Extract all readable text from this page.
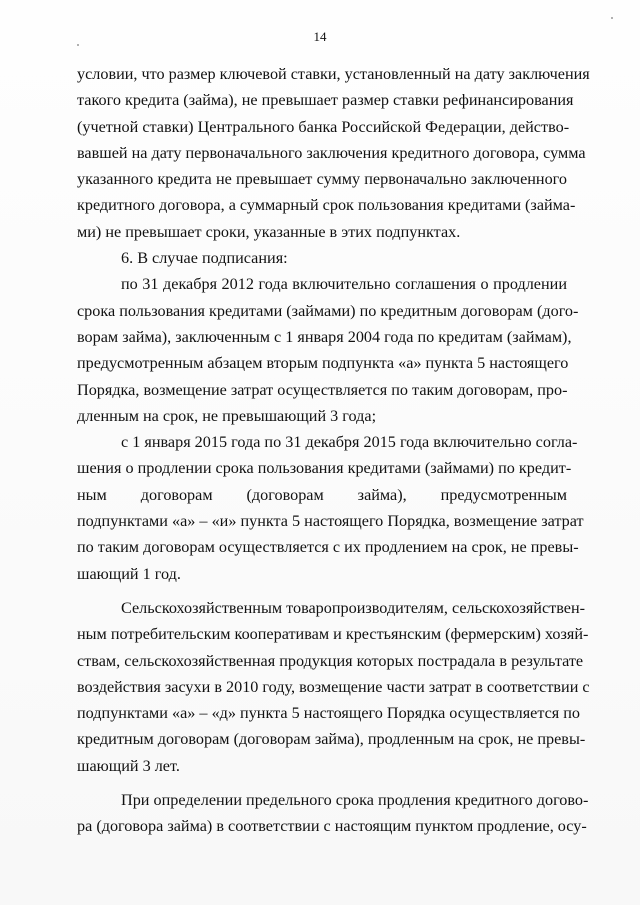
14
условии, что размер ключевой ставки, установленный на дату заключения
такого кредита (займа), не превышает размер ставки рефинансирования
(учетной ставки) Центрального банка Российской Федерации, действо-
вавшей на дату первоначального заключения кредитного договора, сумма
указанного кредита не превышает сумму первоначально заключенного
кредитного договора, а суммарный срок пользования кредитами (займа-
ми) не превышает сроки, указанные в этих подпунктах.
6. В случае подписания:
по 31 декабря 2012 года включительно соглашения о продлении
срока пользования кредитами (займами) по кредитным договорам (дого-
ворам займа), заключенным с 1 января 2004 года по кредитам (займам),
предусмотренным абзацем вторым подпункта «а» пункта 5 настоящего
Порядка, возмещение затрат осуществляется по таким договорам, про-
дленным на срок, не превышающий 3 года;
с 1 января 2015 года по 31 декабря 2015 года включительно согла-
шения о продлении срока пользования кредитами (займами) по кредит-
ным договорам (договорам займа), предусмотренным
подпунктами «а» – «и» пункта 5 настоящего Порядка, возмещение затрат
по таким договорам осуществляется с их продлением на срок, не превы-
шающий 1 год.
Сельскохозяйственным товаропроизводителям, сельскохозяйствен-
ным потребительским кооперативам и крестьянским (фермерским) хозяй-
ствам, сельскохозяйственная продукция которых пострадала в результате
воздействия засухи в 2010 году, возмещение части затрат в соответствии с
подпунктами «а» – «д» пункта 5 настоящего Порядка осуществляется по
кредитным договорам (договорам займа), продленным на срок, не превы-
шающий 3 лет.
При определении предельного срока продления кредитного догово-
ра (договора займа) в соответствии с настоящим пунктом продление, осу-
